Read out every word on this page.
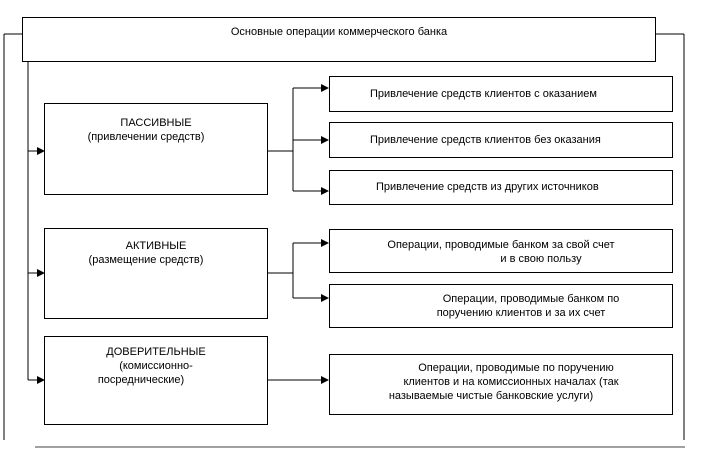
Основные операции коммерческого банка
ПАССИВНЫЕ
(привлечении средств)
АКТИВНЫЕ
(размещение средств)
ДОВЕРИТЕЛЬНЫЕ
(комиссионно-
посреднические)
Привлечение средств клиентов с оказанием
Привлечение средств клиентов без оказания
Привлечение средств из других источников
Операции, проводимые банком за свой счет
и в свою пользу
Операции, проводимые банком по
поручению клиентов и за их счет
Операции, проводимые по поручению
клиентов и на комиссионных началах (так
называемые чистые банковские услуги)
